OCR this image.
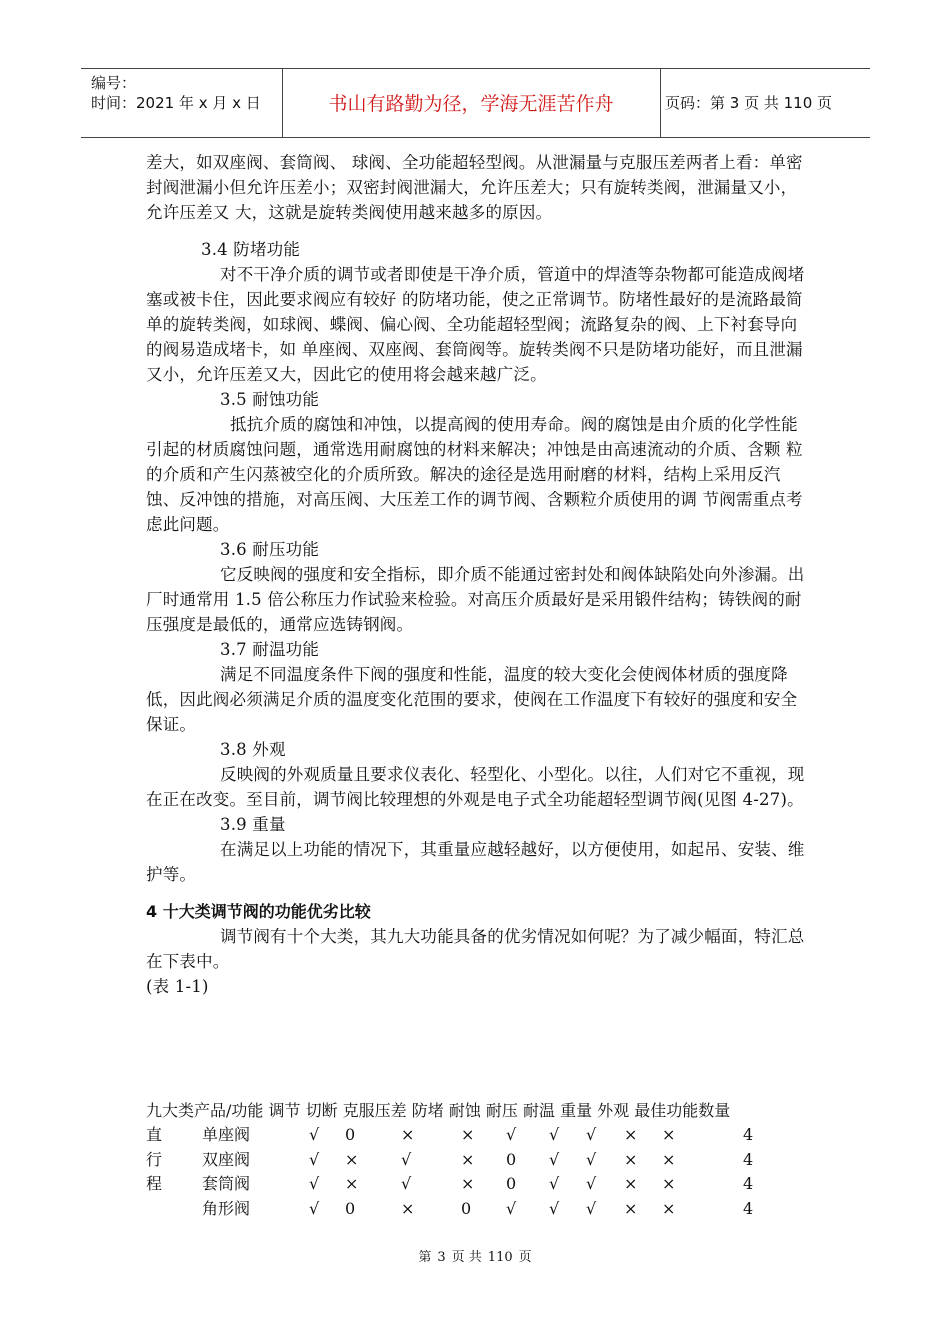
编号：
时间：2021 年 x 月 x 日	书山有路勤为径，学海无涯苦作舟	页码：第 3 页 共 110 页

差大，如双座阀、套筒阀、 球阀、全功能超轻型阀。从泄漏量与克服压差两者上看：单密封阀泄漏小但允许压差小；双密封阀泄漏大，允许压差大；只有旋转类阀，泄漏量又小，允许压差又 大，这就是旋转类阀使用越来越多的原因。

3.4 防堵功能

对不干净介质的调节或者即使是干净介质，管道中的焊渣等杂物都可能造成阀堵塞或被卡住，因此要求阀应有较好 的防堵功能，使之正常调节。防堵性最好的是流路最简单的旋转类阀，如球阀、蝶阀、偏心阀、全功能超轻型阀；流路复杂的阀、上下衬套导向的阀易造成堵卡，如 单座阀、双座阀、套筒阀等。旋转类阀不只是防堵功能好，而且泄漏又小，允许压差又大，因此它的使用将会越来越广泛。

3.5 耐蚀功能

抵抗介质的腐蚀和冲蚀，以提高阀的使用寿命。阀的腐蚀是由介质的化学性能引起的材质腐蚀问题，通常选用耐腐蚀的材料来解决；冲蚀是由高速流动的介质、含颗 粒的介质和产生闪蒸被空化的介质所致。解决的途径是选用耐磨的材料，结构上采用反汽蚀、反冲蚀的措施，对高压阀、大压差工作的调节阀、含颗粒介质使用的调 节阀需重点考虑此问题。

3.6 耐压功能

它反映阀的强度和安全指标，即介质不能通过密封处和阀体缺陷处向外渗漏。出厂时通常用 1.5 倍公称压力作试验来检验。对高压介质最好是采用锻件结构；铸铁阀的耐压强度是最低的，通常应选铸钢阀。

3.7 耐温功能

满足不同温度条件下阀的强度和性能，温度的较大变化会使阀体材质的强度降低，因此阀必须满足介质的温度变化范围的要求，使阀在工作温度下有较好的强度和安全保证。

3.8 外观

反映阀的外观质量且要求仪表化、轻型化、小型化。以往，人们对它不重视，现在正在改变。至目前，调节阀比较理想的外观是电子式全功能超轻型调节阀(见图 4-27)。

3.9 重量

在满足以上功能的情况下，其重量应越轻越好，以方便使用，如起吊、安装、维护等。

4 十大类调节阀的功能优劣比较

调节阀有十个大类，其九大功能具备的优劣情况如何呢？为了减少幅面，特汇总在下表中。

(表 1-1)

九大类产品/功能 调节 切断 克服压差 防堵 耐蚀 耐压 耐温 重量 外观 最佳功能数量
直 单座阀	√ 0	×	× √ √ √ × ×	4
行 双座阀	√ ×	√	× 0 √ √ × ×	4
程 套筒阀	√ ×	√	× 0 √ √ × ×	4
角形阀	√ 0	×	0 √ √ √ × ×	4
第 3 页 共 110 页
